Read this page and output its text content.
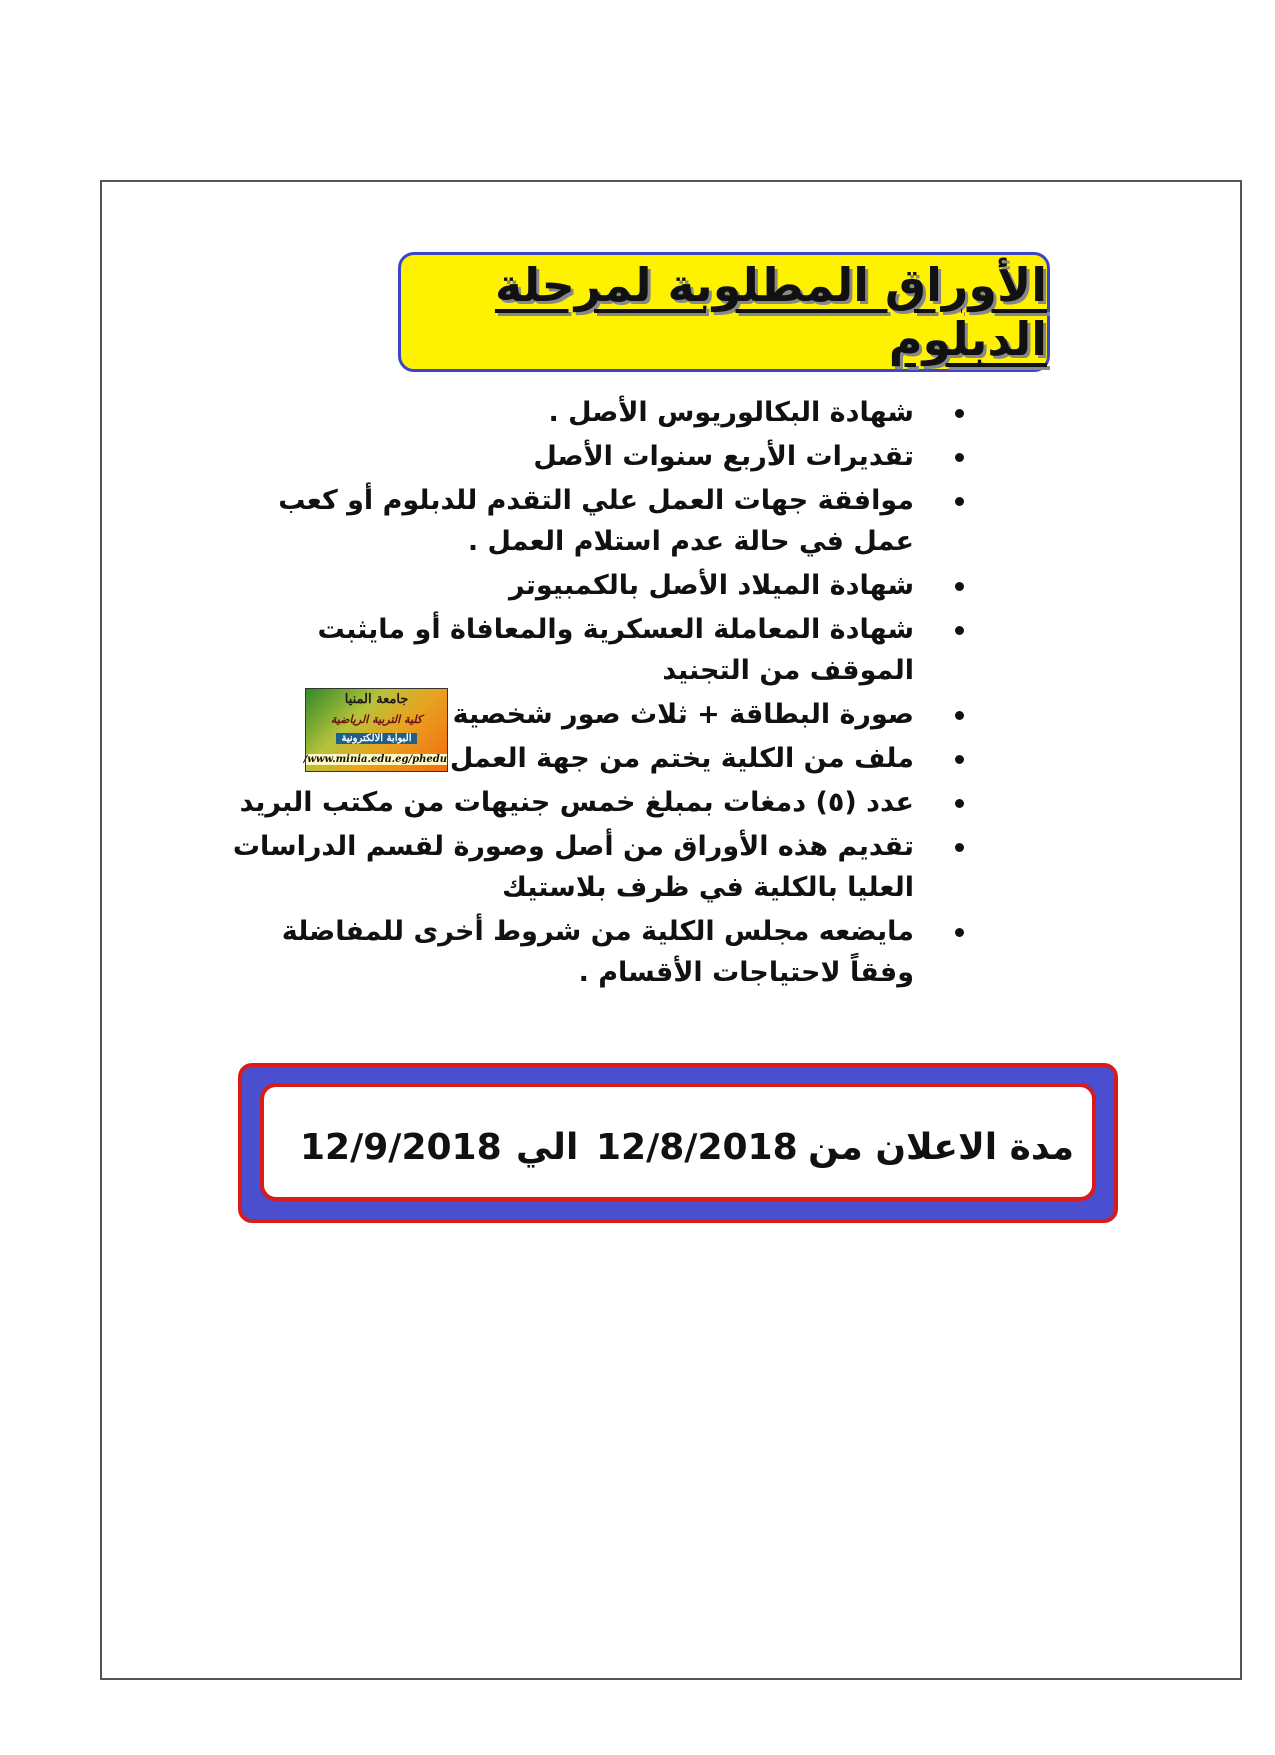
الأوراق المطلوبة لمرحلة الدبلوم
شهادة البكالوريوس الأصل .
تقديرات الأربع سنوات الأصل
موافقة جهات العمل علي التقدم للدبلوم أو كعب عمل في حالة عدم استلام العمل .
شهادة الميلاد الأصل بالكمبيوتر
شهادة المعاملة العسكرية والمعافاة أو مايثبت الموقف من التجنيد
صورة البطاقة + ثلاث صور شخصية
ملف من الكلية يختم من جهة العمل
عدد (٥) دمغات بمبلغ خمس جنيهات من مكتب البريد
تقديم هذه الأوراق من أصل وصورة لقسم الدراسات العليا بالكلية في ظرف بلاستيك
مايضعه مجلس الكلية من شروط أخرى للمفاضلة وفقاً لاحتياجات الأقسام .
جامعة المنيا
كلية التربية الرياضية
البوابة الالكترونية
www.minia.edu.eg/phedu/
مدة الاعلان من
12/8/2018
الي
12/9/2018
